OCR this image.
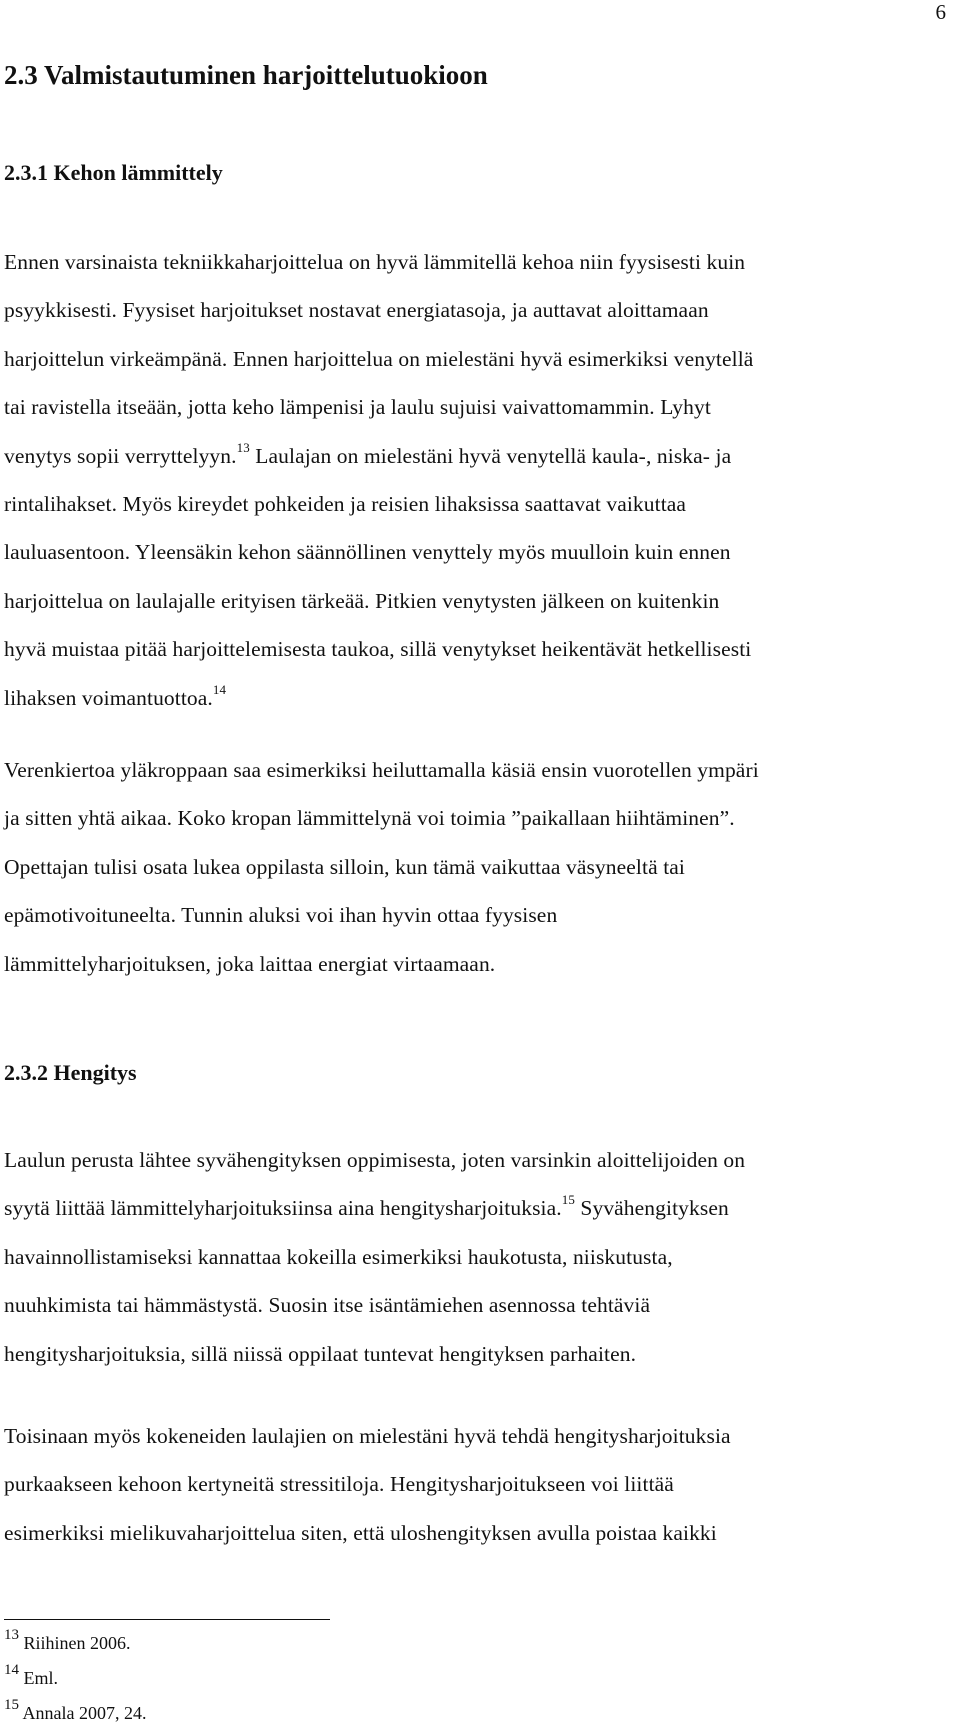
6
2.3 Valmistautuminen harjoittelutuokioon
2.3.1 Kehon lämmittely

Ennen varsinaista tekniikkaharjoittelua on hyvä lämmitellä kehoa niin fyysisesti kuin
psyykkisesti. Fyysiset harjoitukset nostavat energiatasoja, ja auttavat aloittamaan
harjoittelun virkeämpänä. Ennen harjoittelua on mielestäni hyvä esimerkiksi venytellä
tai ravistella itseään, jotta keho lämpenisi ja laulu sujuisi vaivattomammin. Lyhyt
venytys sopii verryttelyyn.$^{13}$ Laulajan on mielestäni hyvä venytellä kaula-, niska- ja
rintalihakset. Myös kireydet pohkeiden ja reisien lihaksissa saattavat vaikuttaa
lauluasentoon. Yleensäkin kehon säännöllinen venyttely myös muulloin kuin ennen
harjoittelua on laulajalle erityisen tärkeää. Pitkien venytysten jälkeen on kuitenkin
hyvä muistaa pitää harjoittelemisesta taukoa, sillä venytykset heikentävät hetkellisesti
lihaksen voimantuottoa.$^{14}$

Verenkiertoa yläkroppaan saa esimerkiksi heiluttamalla käsiä ensin vuorotellen ympäri
ja sitten yhtä aikaa. Koko kropan lämmittelynä voi toimia ”paikallaan hiihtäminen”.
Opettajan tulisi osata lukea oppilasta silloin, kun tämä vaikuttaa väsyneeltä tai
epämotivoituneelta. Tunnin aluksi voi ihan hyvin ottaa fyysisen
lämmittelyharjoituksen, joka laittaa energiat virtaamaan.

2.3.2 Hengitys

Laulun perusta lähtee syvähengityksen oppimisesta, joten varsinkin aloittelijoiden on
syytä liittää lämmittelyharjoituksiinsa aina hengitysharjoituksia.$^{15}$ Syvähengityksen
havainnollistamiseksi kannattaa kokeilla esimerkiksi haukotusta, niiskutusta,
nuuhkimista tai hämmästystä. Suosin itse isäntämiehen asennossa tehtäviä
hengitysharjoituksia, sillä niissä oppilaat tuntevat hengityksen parhaiten.

Toisinaan myös kokeneiden laulajien on mielestäni hyvä tehdä hengitysharjoituksia
purkaakseen kehoon kertyneitä stressitiloja. Hengitysharjoitukseen voi liittää
esimerkiksi mielikuvaharjoittelua siten, että uloshengityksen avulla poistaa kaikki

$^{13}$ Riihinen 2006.
$^{14}$ Eml.
$^{15}$ Annala 2007, 24.
